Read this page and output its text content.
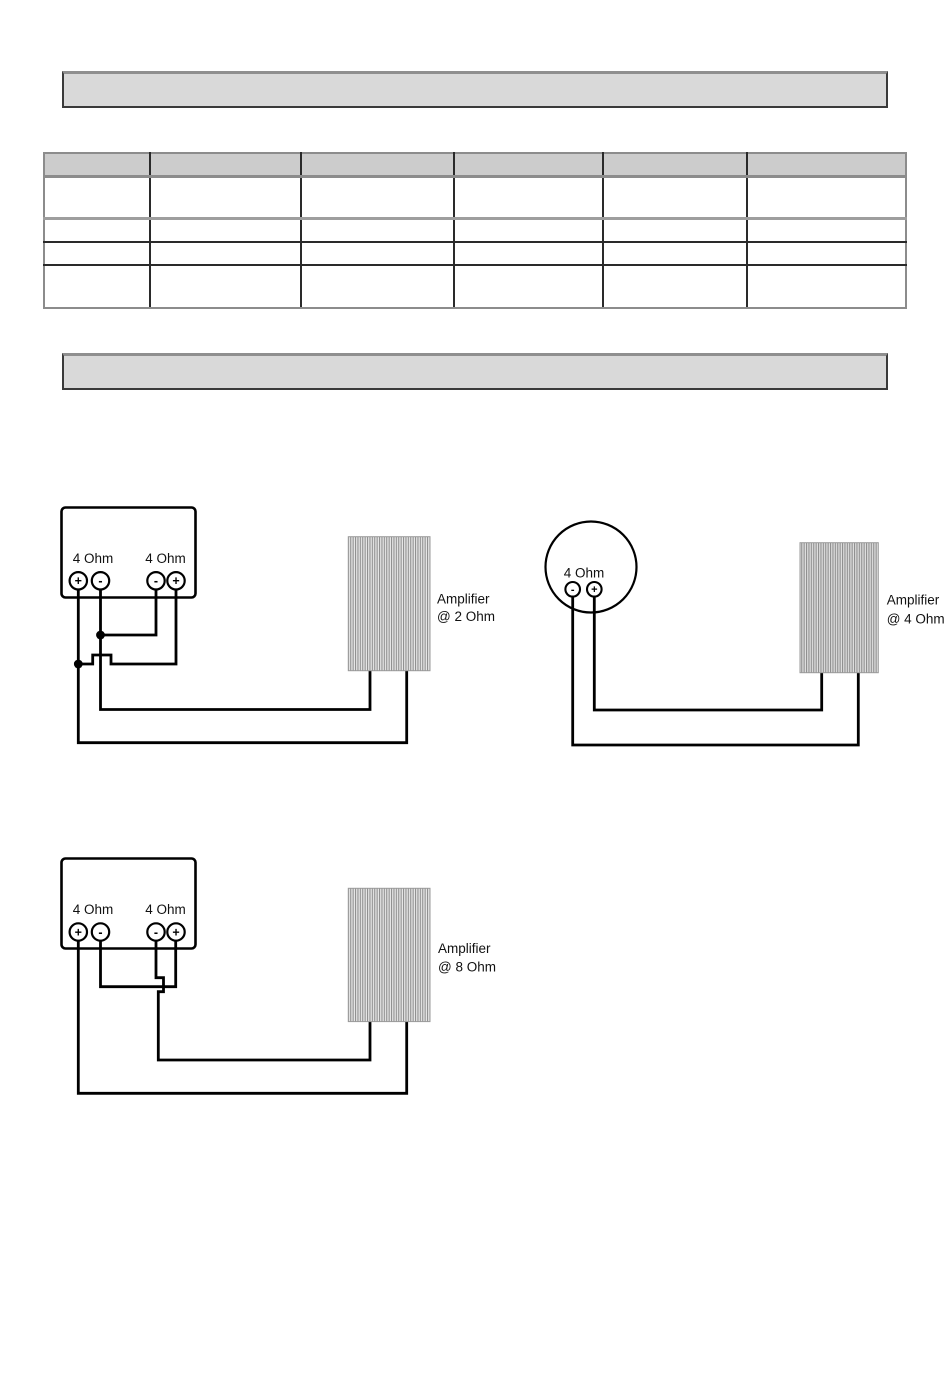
4 Ohm 4 Ohm
+ -	- +
Amplifier
@ 2 Ohm
4 Ohm
- +
Amplifier
@ 4 Ohm
4 Ohm 4 Ohm
+ -	- +
Amplifier
@ 8 Ohm
